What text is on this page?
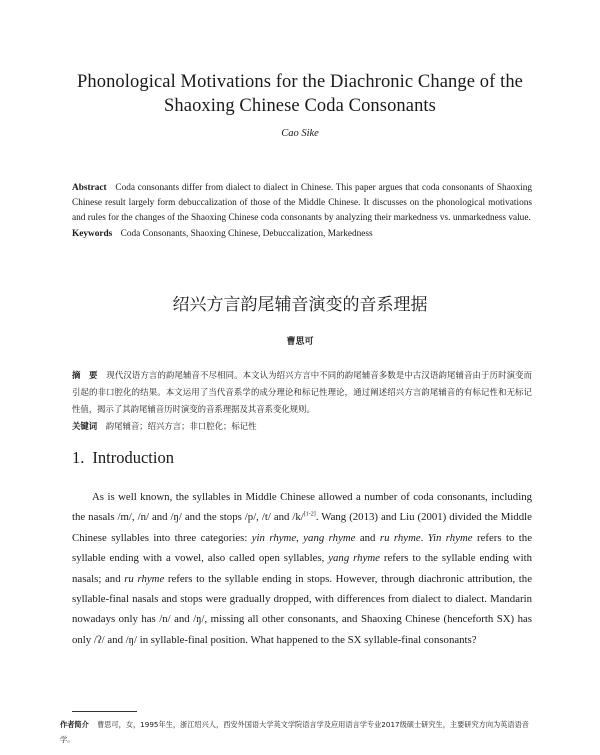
Phonological Motivations for the Diachronic Change of the Shaoxing Chinese Coda Consonants
Cao Sike
Abstract Coda consonants differ from dialect to dialect in Chinese. This paper argues that coda consonants of Shaoxing Chinese result largely form debuccalization of those of the Middle Chinese. It discusses on the phonological motivations and rules for the changes of the Shaoxing Chinese coda consonants by analyzing their markedness vs. unmarkedness value.
Keywords Coda Consonants, Shaoxing Chinese, Debuccalization, Markedness
绍兴方言韵尾辅音演变的音系理据
曹思可
摘　要 现代汉语方言的韵尾辅音不尽相同。本文认为绍兴方言中不同的韵尾辅音多数是中古汉语韵尾辅音由于历时演变而引起的非口腔化的结果。本文运用了当代音系学的成分理论和标记性理论，通过阐述绍兴方言韵尾辅音的有标记性和无标记性值，揭示了其韵尾辅音历时演变的音系理据及其音系变化规则。
关键词 韵尾辅音；绍兴方言；非口腔化；标记性
1. Introduction

As is well known, the syllables in Middle Chinese allowed a number of coda consonants, including the nasals /m/, /n/ and /ŋ/ and the stops /p/, /t/ and /k/[1-2]. Wang (2013) and Liu (2001) divided the Middle Chinese syllables into three categories: yin rhyme, yang rhyme and ru rhyme. Yin rhyme refers to the syllable ending with a vowel, also called open syllables, yang rhyme refers to the syllable ending with nasals; and ru rhyme refers to the syllable ending in stops. However, through diachronic attribution, the syllable-final nasals and stops were gradually dropped, with differences from dialect to dialect. Mandarin nowadays only has /n/ and /ŋ/, missing all other consonants, and Shaoxing Chinese (henceforth SX) has only /ʔ/ and /ŋ/ in syllable-final position. What happened to the SX syllable-final consonants?

作者简介 曹思可，女，1995年生，浙江绍兴人，西安外国语大学英文学院语言学及应用语言学专业2017级硕士研究生，主要研究方向为英语语音学。
